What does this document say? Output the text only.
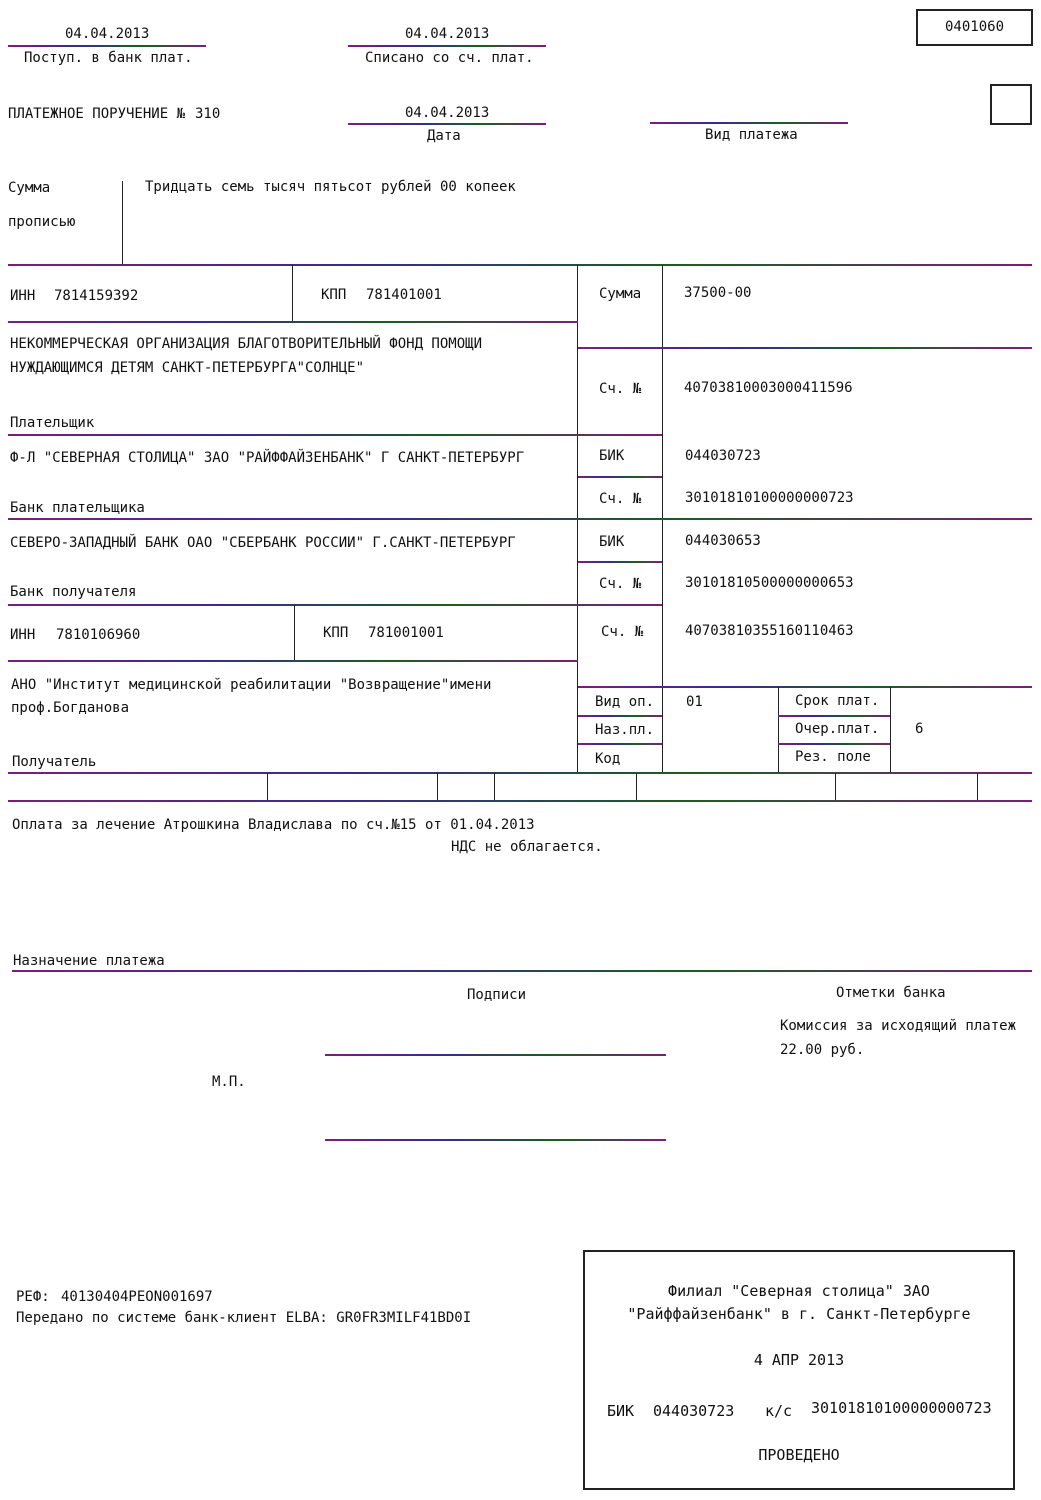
04.04.2013
Поступ. в банк плат.
04.04.2013
Списано со сч. плат.
0401060
ПЛАТЕЖНОЕ ПОРУЧЕНИЕ № 310	04.04.2013
Дата	Вид платежа
Сумма
прописью
Тридцать семь тысяч пятьсот рублей 00 копеек
ИНН 7814159392	КПП 781401001	Сумма	37500-00
НЕКОММЕРЧЕСКАЯ ОРГАНИЗАЦИЯ БЛАГОТВОРИТЕЛЬНЫЙ ФОНД ПОМОЩИ
НУЖДАЮЩИМСЯ ДЕТЯМ САНКТ-ПЕТЕРБУРГА"СОЛНЦЕ"
Сч. №	40703810003000411596
Плательщик
Ф-Л "СЕВЕРНАЯ СТОЛИЦА" ЗАО "РАЙФФАЙЗЕНБАНК" Г САНКТ-ПЕТЕРБУРГ	БИК	044030723
Сч. №	30101810100000000723
Банк плательщика
СЕВЕРО-ЗАПАДНЫЙ БАНК ОАО "СБЕРБАНК РОССИИ" Г.САНКТ-ПЕТЕРБУРГ	БИК	044030653
Сч. №	30101810500000000653
Банк получателя
ИНН 7810106960	КПП 781001001	Сч. №	40703810355160110463
АНО "Институт медицинской реабилитации "Возвращение"имени
проф.Богданова
Получатель
Вид оп. 01	Срок плат.
Наз.пл.	Очер.плат.	6
Код	Рез. поле
Оплата за лечение Атрошкина Владислава по сч.№15 от 01.04.2013
НДС не облагается.
Назначение платежа
Подписи	Отметки банка
Комиссия за исходящий платеж
22.00 руб.
М.П.
РЕФ: 40130404PEON001697
Передано по системе банк-клиент ELBA: GR0FR3MILF41BD0I
Филиал "Северная столица" ЗАО
"Райффайзенбанк" в г. Санкт-Петербурге
4 АПР 2013
БИК 044030723 к/с 30101810100000000723
ПРОВЕДЕНО
